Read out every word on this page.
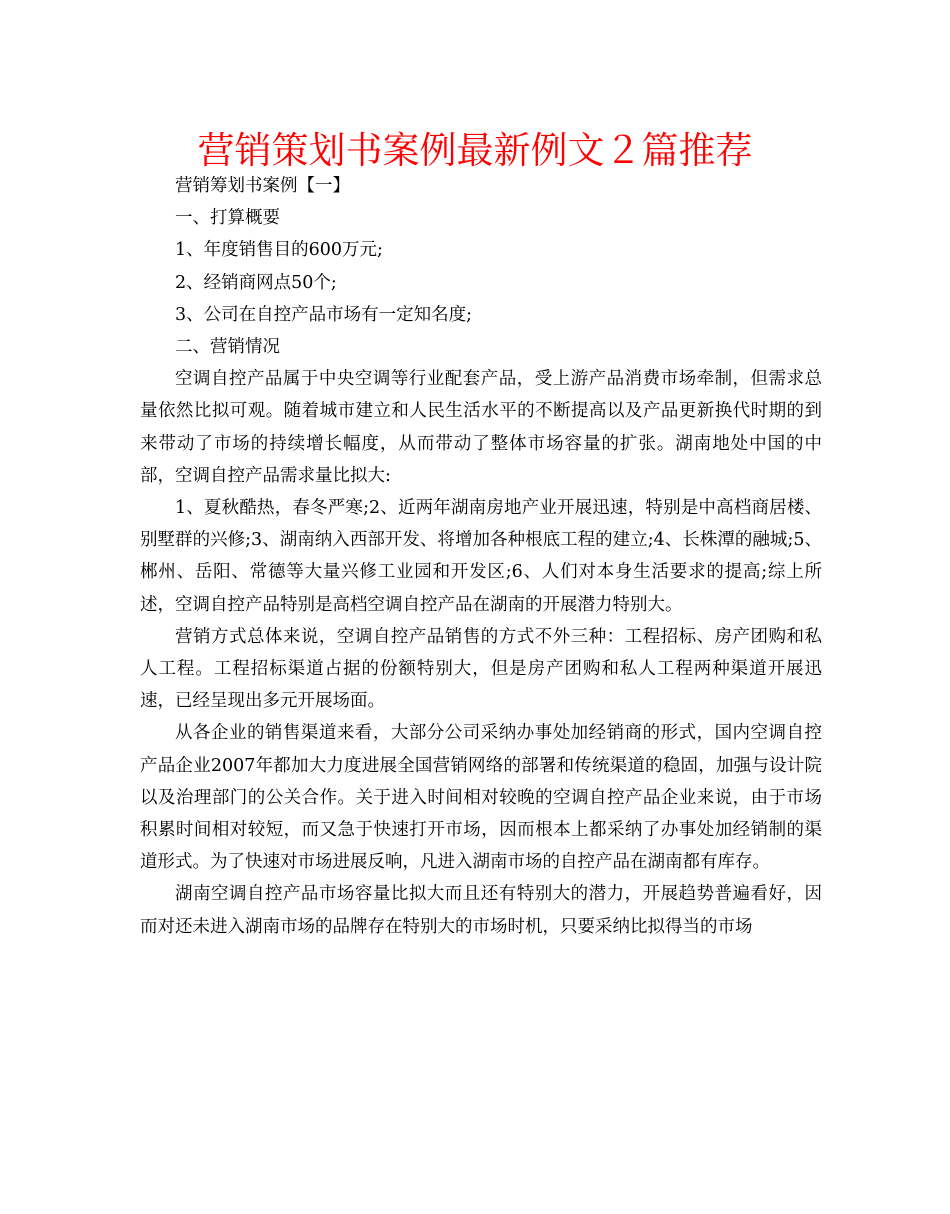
营销策划书案例最新例文２篇推荐

营销筹划书案例【一】

一、打算概要

1、年度销售目的600万元;

2、经销商网点50个;

3、公司在自控产品市场有一定知名度;

二、营销情况

空调自控产品属于中央空调等行业配套产品，受上游产品消费市场牵制，但需求总量依然比拟可观。随着城市建立和人民生活水平的不断提高以及产品更新换代时期的到来带动了市场的持续增长幅度，从而带动了整体市场容量的扩张。湖南地处中国的中部，空调自控产品需求量比拟大:

1、夏秋酷热，春冬严寒;2、近两年湖南房地产业开展迅速，特别是中高档商居楼、别墅群的兴修;3、湖南纳入西部开发、将增加各种根底工程的建立;4、长株潭的融城;5、郴州、岳阳、常德等大量兴修工业园和开发区;6、人们对本身生活要求的提高;综上所述，空调自控产品特别是高档空调自控产品在湖南的开展潜力特别大。

营销方式总体来说，空调自控产品销售的方式不外三种：工程招标、房产团购和私人工程。工程招标渠道占据的份额特别大，但是房产团购和私人工程两种渠道开展迅速，已经呈现出多元开展场面。

从各企业的销售渠道来看，大部分公司采纳办事处加经销商的形式，国内空调自控产品企业2007年都加大力度进展全国营销网络的部署和传统渠道的稳固，加强与设计院以及治理部门的公关合作。关于进入时间相对较晚的空调自控产品企业来说，由于市场积累时间相对较短，而又急于快速打开市场，因而根本上都采纳了办事处加经销制的渠道形式。为了快速对市场进展反响，凡进入湖南市场的自控产品在湖南都有库存。

湖南空调自控产品市场容量比拟大而且还有特别大的潜力，开展趋势普遍看好，因而对还未进入湖南市场的品牌存在特别大的市场时机，只要采纳比拟得当的市场
